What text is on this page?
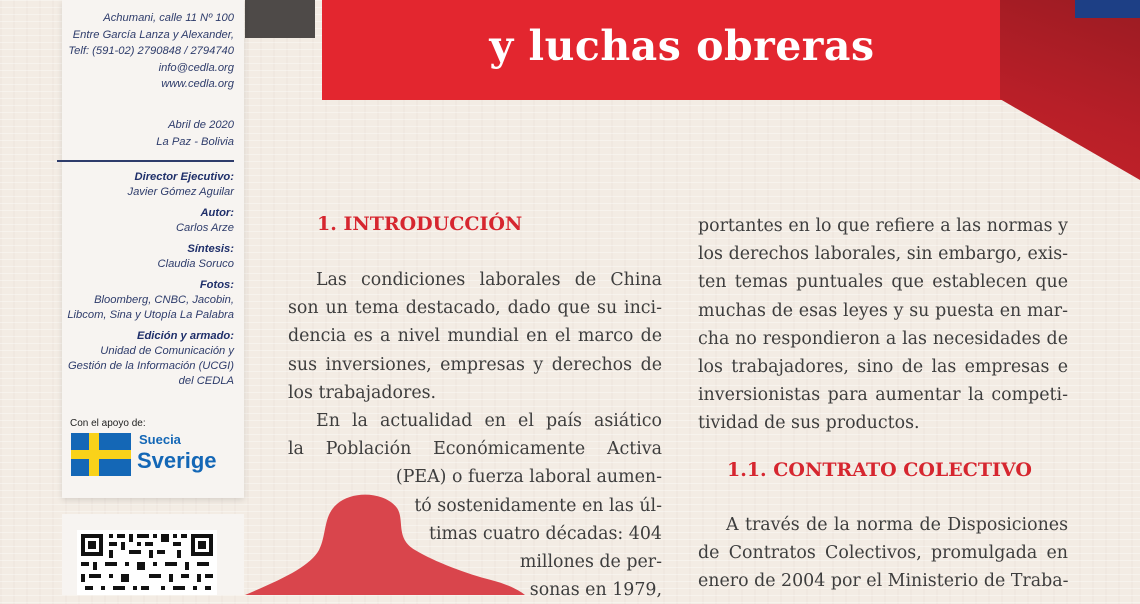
Achumani, calle 11 Nº 100
Entre García Lanza y Alexander,
Telf: (591-02) 2790848 / 2794740
info@cedla.org
www.cedla.org
Abril de 2020
La Paz - Bolivia
Director Ejecutivo:
Javier Gómez Aguilar
Autor:
Carlos Arze
Síntesis:
Claudia Soruco
Fotos:
Bloomberg, CNBC, Jacobin,
Libcom, Sina y Utopía La Palabra
Edición y armado:
Unidad de Comunicación y
Gestión de la Información (UCGI)
del CEDLA
Con el apoyo de:
Suecia
Sverige
y luchas obreras
1. INTRODUCCIÓN
Las condiciones laborales de China
son un tema destacado, dado que su inci-
dencia es a nivel mundial en el marco de
sus inversiones, empresas y derechos de
los trabajadores.
En la actualidad en el país asiático
la Población Económicamente Activa
(PEA) o fuerza laboral aumen-
tó sostenidamente en las úl-
timas cuatro décadas: 404
millones de per-
sonas en 1979,
portantes en lo que refiere a las normas y
los derechos laborales, sin embargo, exis-
ten temas puntuales que establecen que
muchas de esas leyes y su puesta en mar-
cha no respondieron a las necesidades de
los trabajadores, sino de las empresas e
inversionistas para aumentar la competi-
tividad de sus productos.
1.1. CONTRATO COLECTIVO
A través de la norma de Disposiciones
de Contratos Colectivos, promulgada en
enero de 2004 por el Ministerio de Traba-
